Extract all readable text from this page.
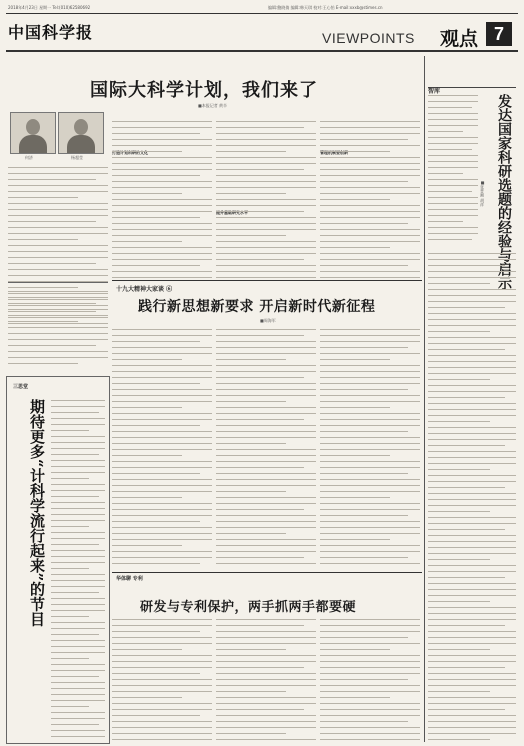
2018年4月23日 星期一 Tel:(010)62580692	编辑:鲍晓倩 编辑:韩天琪 校对:王心怡 E-mail:xxxb@stimes.cn
中国科学报	VIEWPOINTS 观点 7
国际大科学计划，我们来了
■本报记者 黄辛
何济	杨超莹
打造计划科研的文化
提升基础研究水平
管理机制要创新
智库
发达国家科研选题的经验与启示
■张普湘 胡祥
十九大精神大家谈 ⑥
践行新思想新要求 开启新时代新征程
■周海军
三思堂
期待更多“计科学流行起来”的节目	华体聊 专利
研发与专利保护，两手抓两手都要硬
